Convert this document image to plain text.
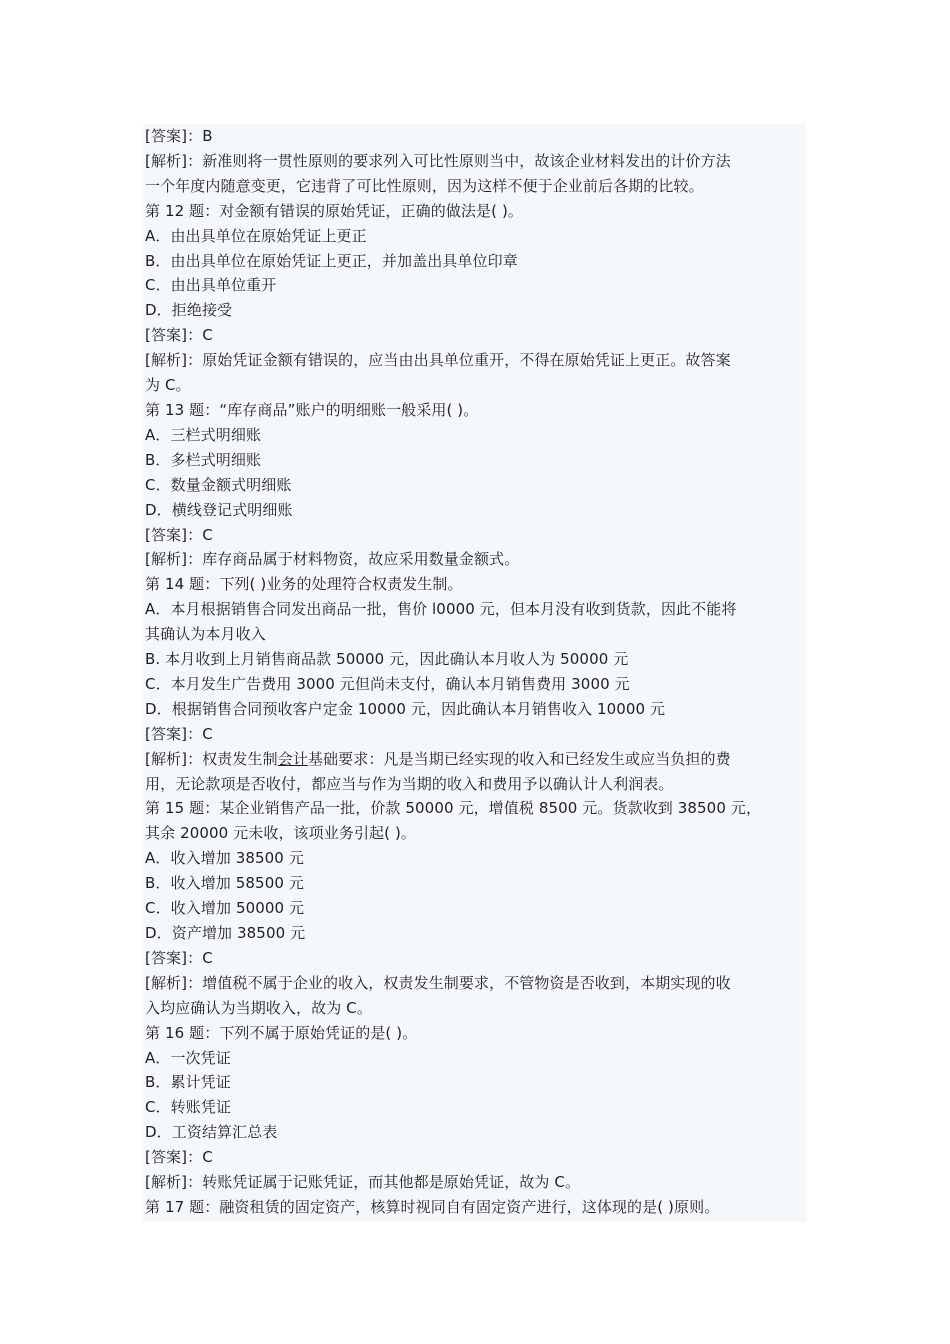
[答案]：B
[解析]：新准则将一贯性原则的要求列入可比性原则当中，故该企业材料发出的计价方法
一个年度内随意变更，它违背了可比性原则，因为这样不便于企业前后各期的比较。
第 12 题：对金额有错误的原始凭证，正确的做法是( )。
A．由出具单位在原始凭证上更正
B．由出具单位在原始凭证上更正，并加盖出具单位印章
C．由出具单位重开
D．拒绝接受
[答案]：C
[解析]：原始凭证金额有错误的，应当由出具单位重开，不得在原始凭证上更正。故答案
为 C。
第 13 题：“库存商品”账户的明细账一般采用( )。
A．三栏式明细账
B．多栏式明细账
C．数量金额式明细账
D．横线登记式明细账
[答案]：C
[解析]：库存商品属于材料物资，故应采用数量金额式。
第 14 题：下列( )业务的处理符合权责发生制。
A．本月根据销售合同发出商品一批，售价 l0000 元，但本月没有收到货款，因此不能将
其确认为本月收入
B. 本月收到上月销售商品款 50000 元，因此确认本月收人为 50000 元
C．本月发生广告费用 3000 元但尚未支付，确认本月销售费用 3000 元
D．根据销售合同预收客户定金 10000 元，因此确认本月销售收入 10000 元
[答案]：C
[解析]：权责发生制会计基础要求：凡是当期已经实现的收入和已经发生或应当负担的费
用，无论款项是否收付，都应当与作为当期的收入和费用予以确认计人利润表。
第 15 题：某企业销售产品一批，价款 50000 元，增值税 8500 元。货款收到 38500 元，
其余 20000 元未收，该项业务引起( )。
A．收入增加 38500 元
B．收入增加 58500 元
C．收入增加 50000 元
D．资产增加 38500 元
[答案]：C
[解析]：增值税不属于企业的收入，权责发生制要求，不管物资是否收到，本期实现的收
入均应确认为当期收入，故为 C。
第 16 题：下列不属于原始凭证的是( )。
A．一次凭证
B．累计凭证
C．转账凭证
D．工资结算汇总表
[答案]：C
[解析]：转账凭证属于记账凭证，而其他都是原始凭证，故为 C。
第 17 题：融资租赁的固定资产，核算时视同自有固定资产进行，这体现的是( )原则。
